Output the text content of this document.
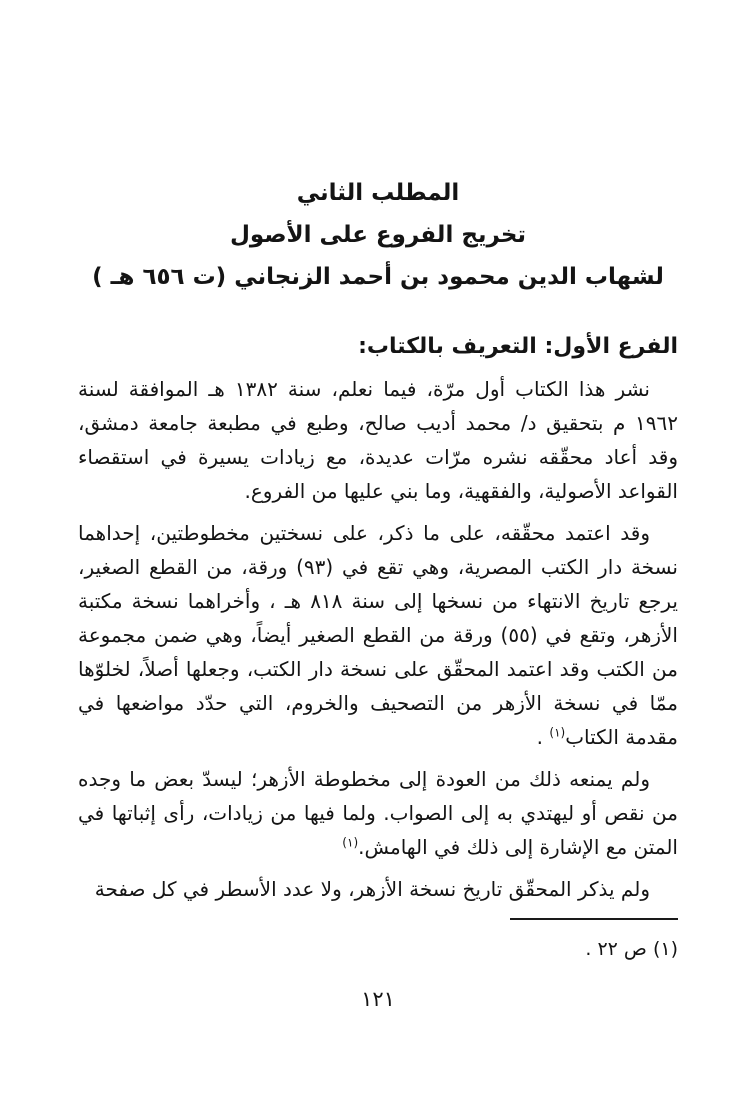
المطلب الثاني
تخريج الفروع على الأصول
لشهاب الدين محمود بن أحمد الزنجاني (ت ٦٥٦ هـ )
الفرع الأول: التعريف بالكتاب:

نشر هذا الكتاب أول مرّة، فيما نعلم، سنة ١٣٨٢ هـ الموافقة لسنة ١٩٦٢ م بتحقيق د/ محمد أديب صالح، وطبع في مطبعة جامعة دمشق، وقد أعاد محقّقه نشره مرّات عديدة، مع زيادات يسيرة في استقصاء القواعد الأصولية، والفقهية، وما بني عليها من الفروع.

وقد اعتمد محقّقه، على ما ذكر، على نسختين مخطوطتين، إحداهما نسخة دار الكتب المصرية، وهي تقع في (٩٣) ورقة، من القطع الصغير، يرجع تاريخ الانتهاء من نسخها إلى سنة ٨١٨ هـ ، وأخراهما نسخة مكتبة الأزهر، وتقع في (٥٥) ورقة من القطع الصغير أيضاً، وهي ضمن مجموعة من الكتب وقد اعتمد المحقّق على نسخة دار الكتب، وجعلها أصلاً، لخلوّها ممّا في نسخة الأزهر من التصحيف والخروم، التي حدّد مواضعها في مقدمة الكتاب$^{(١)}$ .

ولم يمنعه ذلك من العودة إلى مخطوطة الأزهر؛ ليسدّ بعض ما وجده من نقص أو ليهتدي به إلى الصواب. ولما فيها من زيادات، رأى إثباتها في المتن مع الإشارة إلى ذلك في الهامش.$^{(١)}$

ولم يذكر المحقّق تاريخ نسخة الأزهر، ولا عدد الأسطر في كل صفحة

(١) ص ٢٢ .
١٢١
